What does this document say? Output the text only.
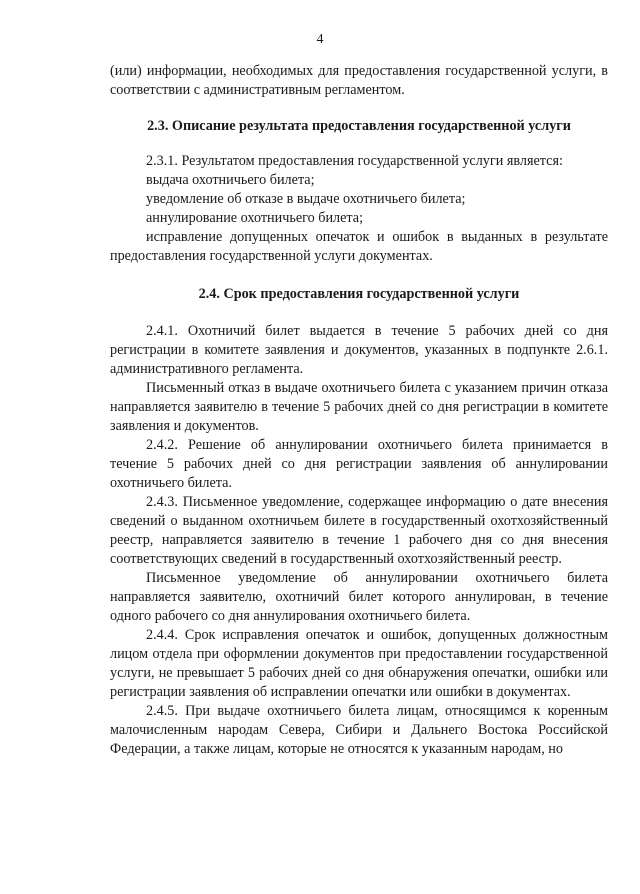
4

(или) информации, необходимых для предоставления государственной услуги, в соответствии с административным регламентом.

2.3. Описание результата предоставления государственной услуги

2.3.1. Результатом предоставления государственной услуги является:

выдача охотничьего билета;

уведомление об отказе в выдаче охотничьего билета;

аннулирование охотничьего билета;

исправление допущенных опечаток и ошибок в выданных в результате предоставления государственной услуги документах.

2.4. Срок предоставления государственной услуги

2.4.1. Охотничий билет выдается в течение 5 рабочих дней со дня регистрации в комитете заявления и документов, указанных в подпункте 2.6.1. административного регламента.

Письменный отказ в выдаче охотничьего билета с указанием причин отказа направляется заявителю в течение 5 рабочих дней со дня регистрации в комитете заявления и документов.

2.4.2. Решение об аннулировании охотничьего билета принимается в течение 5 рабочих дней со дня регистрации заявления об аннулировании охотничьего билета.

2.4.3. Письменное уведомление, содержащее информацию о дате внесения сведений о выданном охотничьем билете в государственный охотхозяйственный реестр, направляется заявителю в течение 1 рабочего дня со дня внесения соответствующих сведений в государственный охотхозяйственный реестр.

Письменное уведомление об аннулировании охотничьего билета направляется заявителю, охотничий билет которого аннулирован, в течение одного рабочего со дня аннулирования охотничьего билета.

2.4.4. Срок исправления опечаток и ошибок, допущенных должностным лицом отдела при оформлении документов при предоставлении государственной услуги, не превышает 5 рабочих дней со дня обнаружения опечатки, ошибки или регистрации заявления об исправлении опечатки или ошибки в документах.

2.4.5. При выдаче охотничьего билета лицам, относящимся к коренным малочисленным народам Севера, Сибири и Дальнего Востока Российской Федерации, а также лицам, которые не относятся к указанным народам, но
